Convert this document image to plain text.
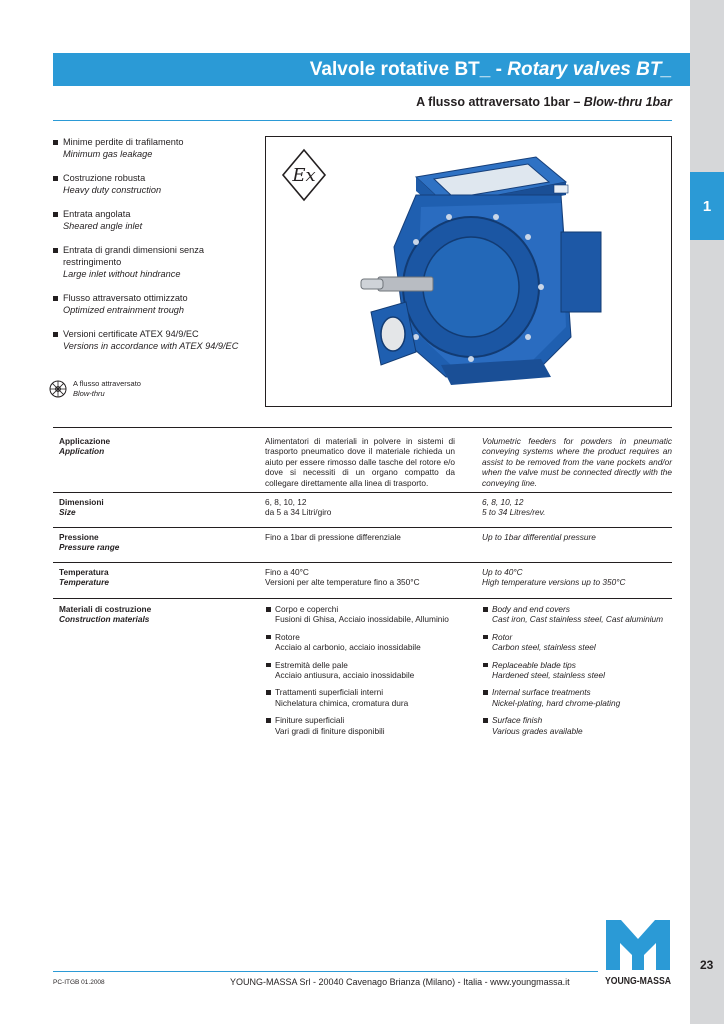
1
Valvole rotative BT_ -
Rotary valves BT_
A flusso attraversato 1bar – Blow-thru 1bar
Minime perdite di trafilamento
Minimum gas leakage
Costruzione robusta
Heavy duty construction
Entrata angolata
Sheared angle inlet
Entrata di grandi dimensioni senza restringimento
Large inlet without hindrance
Flusso attraversato ottimizzato
Optimized entrainment trough
Versioni certificate ATEX 94/9/EC
Versions in accordance with ATEX 94/9/EC
Ex
A flusso attraversato
Blow-thru
Applicazione
Application
Alimentatori di materiali in polvere in sistemi di trasporto pneumatico dove il materiale richieda un aiuto per essere rimosso dalle tasche del rotore e/o dove si necessiti di un organo compatto da collegare direttamente alla linea di trasporto.
Volumetric feeders for powders in pneumatic conveying systems where the product requires an assist to be removed from the vane pockets and/or when the valve must be connected directly with the conveying line.
Dimensioni
Size
6, 8, 10, 12
da 5 a 34 Litri/giro
6, 8, 10, 12
5 to 34 Litres/rev.
Pressione
Pressure range
Fino a 1bar di pressione differenziale	Up to 1bar differential pressure
Temperatura
Temperature
Fino a 40°C
Versioni per alte temperature fino a 350°C
Up to 40°C
High temperature versions up to 350°C
Materiali di costruzione
Construction materials
Corpo e coperchi
Fusioni di Ghisa, Acciaio inossidabile, Alluminio
Rotore
Acciaio al carbonio, acciaio inossidabile
Estremità delle pale
Acciaio antiusura, acciaio inossidabile
Trattamenti superficiali interni
Nichelatura chimica, cromatura dura
Finiture superficiali
Vari gradi di finiture disponibili
Body and end covers
Cast iron, Cast stainless steel, Cast aluminium
Rotor
Carbon steel, stainless steel
Replaceable blade tips
Hardened steel, stainless steel
Internal surface treatments
Nickel-plating, hard chrome-plating
Surface finish
Various grades available
YOUNG-MASSA
PC-ITGB 01.2008	YOUNG-MASSA Srl - 20040 Cavenago Brianza (Milano) - Italia - www.youngmassa.it
23
